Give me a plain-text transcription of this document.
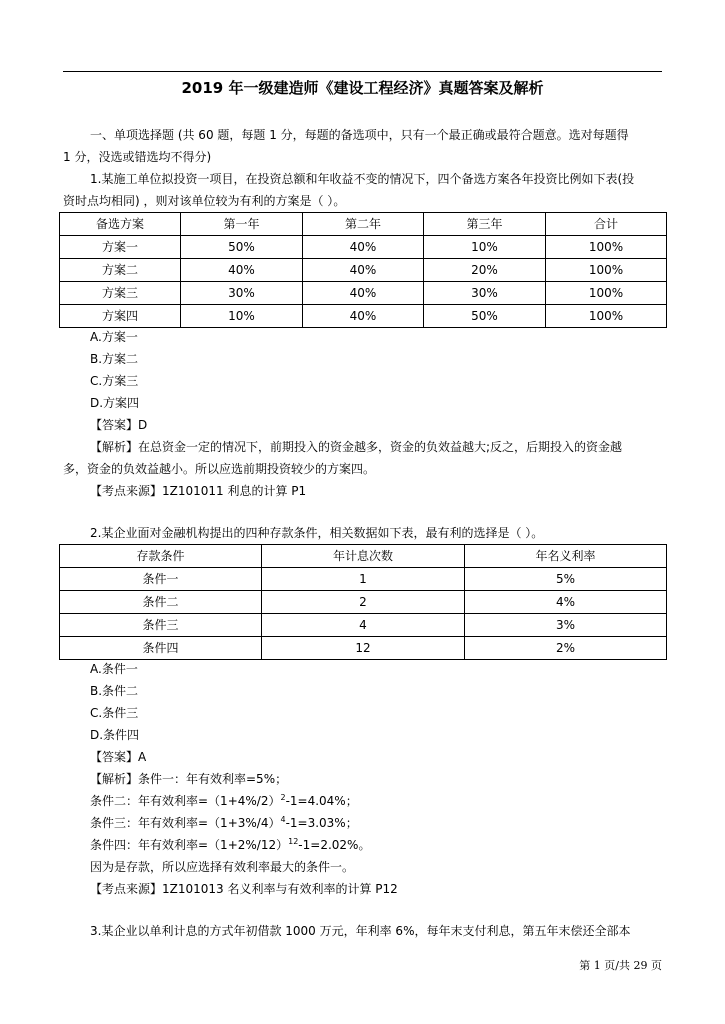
2019 年一级建造师《建设工程经济》真题答案及解析
一、单项选择题 (共 60 题，每题 1 分，每题的备选项中，只有一个最正确或最符合题意。选对每题得
1 分，没选或错选均不得分)
1.某施工单位拟投资一项目，在投资总额和年收益不变的情况下，四个备选方案各年投资比例如下表(投
资时点均相同) ，则对该单位较为有利的方案是（ ）。
备选方案	第一年	第二年	第三年	合计
方案一	50%	40%	10%	100%
方案二	40%	40%	20%	100%
方案三	30%	40%	30%	100%
方案四	10%	40%	50%	100%
A.方案一
B.方案二
C.方案三
D.方案四
【答案】D
【解析】在总资金一定的情况下，前期投入的资金越多，资金的负效益越大;反之，后期投入的资金越
多，资金的负效益越小。所以应选前期投资较少的方案四。
【考点来源】1Z101011 利息的计算 P1
2.某企业面对金融机构提出的四种存款条件，相关数据如下表，最有利的选择是（ ）。
存款条件	年计息次数	年名义利率
条件一	1	5%
条件二	2	4%
条件三	4	3%
条件四	12	2%
A.条件一
B.条件二
C.条件三
D.条件四
【答案】A
【解析】条件一：年有效利率=5%；
条件二：年有效利率$=(1+4\%/2)^2-1=4.04\%$；
条件三：年有效利率$=(1+3\%/4)^4-1=3.03\%$；
条件四：年有效利率$=(1+2\%/12)^{12}-1=2.02\%$。
因为是存款，所以应选择有效利率最大的条件一。
【考点来源】1Z101013 名义利率与有效利率的计算 P12
3.某企业以单利计息的方式年初借款 1000 万元，年利率 6%，每年末支付利息，第五年末偿还全部本
第 1 页/共 29 页
